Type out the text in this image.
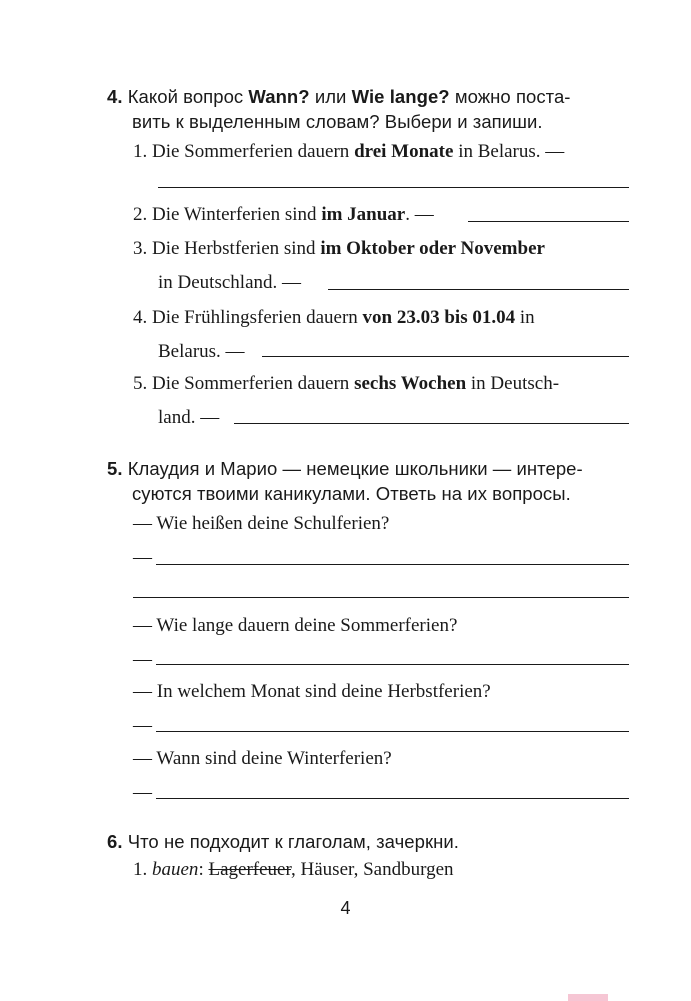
4. Какой вопрос Wann? или Wie lange? можно поста-
вить к выделенным словам? Выбери и запиши.
1. Die Sommerferien dauern drei Monate in Belarus. —
2. Die Winterferien sind im Januar. —
3. Die Herbstferien sind im Oktober oder November
in Deutschland. —
4. Die Frühlingsferien dauern von 23.03 bis 01.04 in
Belarus. —
5. Die Sommerferien dauern sechs Wochen in Deutsch-
land. —
5. Клаудия и Марио — немецкие школьники — интере-
суются твоими каникулами. Ответь на их вопросы.
— Wie heißen deine Schulferien?
—
— Wie lange dauern deine Sommerferien?
—
— In welchem Monat sind deine Herbstferien?
—
— Wann sind deine Winterferien?
—
6. Что не подходит к глаголам, зачеркни.
1. bauen: Lagerfeuer, Häuser, Sandburgen
4
